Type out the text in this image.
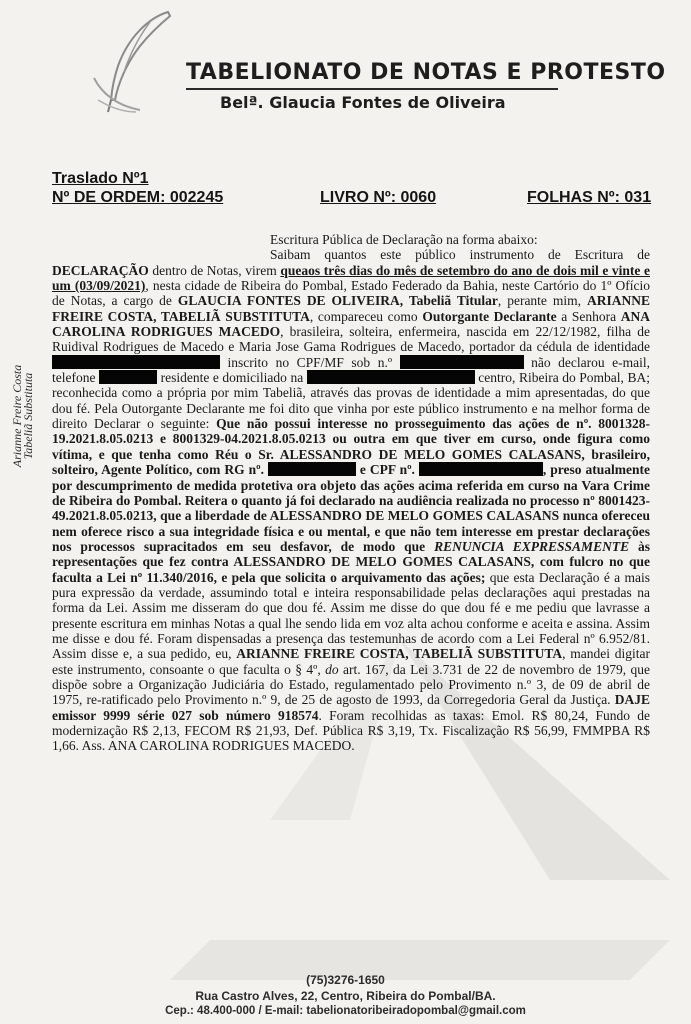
TABELIONATO DE NOTAS E PROTESTO
Belª. Glaucia Fontes de Oliveira
Traslado Nº1
Nº DE ORDEM: 002245	LIVRO Nº: 0060	FOLHAS Nº: 031
Arianne Freire Costa
Tabeliã Substituta

Escritura Pública de Declaração na forma abaixo:

Saibam quantos este público instrumento de Escritura de DECLARAÇÃO dentro de Notas, virem queaos três dias do mês de setembro do ano de dois mil e vinte e um (03/09/2021), nesta cidade de Ribeira do Pombal, Estado Federado da Bahia, neste Cartório do 1º Ofício de Notas, a cargo de GLAUCIA FONTES DE OLIVEIRA, Tabeliã Titular, perante mim, ARIANNE FREIRE COSTA, TABELIÃ SUBSTITUTA, compareceu como Outorgante Declarante a Senhora ANA CAROLINA RODRIGUES MACEDO, brasileira, solteira, enfermeira, nascida em 22/12/1982, filha de Ruidival Rodrigues de Macedo e Maria Jose Gama Rodrigues de Macedo, portador da cédula de identidade  inscrito no CPF/MF sob n.º	não declarou e-mail, telefone	residente e domiciliado na	centro, Ribeira do Pombal, BA; reconhecida como a própria por mim Tabeliã, através das provas de identidade a mim apresentadas, do que dou fé. Pela Outorgante Declarante me foi dito que vinha por este público instrumento e na melhor forma de direito Declarar o seguinte: Que não possui interesse no prosseguimento das ações de nº. 8001328-19.2021.8.05.0213 e 8001329-04.2021.8.05.0213 ou outra em que tiver em curso, onde figura como vítima, e que tenha como Réu o Sr. ALESSANDRO DE MELO GOMES CALASANS, brasileiro, solteiro, Agente Político, com RG nº.	e CPF nº.	, preso atualmente por descumprimento de medida protetiva ora objeto das ações acima referida em curso na Vara Crime de Ribeira do Pombal. Reitera o quanto já foi declarado na audiência realizada no processo nº 8001423-49.2021.8.05.0213, que a liberdade de ALESSANDRO DE MELO GOMES CALASANS nunca ofereceu nem oferece risco a sua integridade física e ou mental, e que não tem interesse em prestar declarações nos processos supracitados em seu desfavor, de modo que RENUNCIA EXPRESSAMENTE às representações que fez contra ALESSANDRO DE MELO GOMES CALASANS, com fulcro no que faculta a Lei nº 11.340/2016, e pela que solicita o arquivamento das ações; que esta Declaração é a mais pura expressão da verdade, assumindo total e inteira responsabilidade pelas declarações aqui prestadas na forma da Lei. Assim me disseram do que dou fé. Assim me disse do que dou fé e me pediu que lavrasse a presente escritura em minhas Notas a qual lhe sendo lida em voz alta achou conforme e aceita e assina. Assim me disse e dou fé. Foram dispensadas a presença das testemunhas de acordo com a Lei Federal nº 6.952/81. Assim disse e, a sua pedido, eu, ARIANNE FREIRE COSTA, TABELIÃ SUBSTITUTA, mandei digitar este instrumento, consoante o que faculta o § 4º, do art. 167, da Lei 3.731 de 22 de novembro de 1979, que dispõe sobre a Organização Judiciária do Estado, regulamentado pelo Provimento n.º 3, de 09 de abril de 1975, re-ratificado pelo Provimento n.º 9, de 25 de agosto de 1993, da Corregedoria Geral da Justiça. DAJE emissor 9999 série 027 sob número 918574. Foram recolhidas as taxas: Emol. R$ 80,24, Fundo de modernização R$ 2,13, FECOM R$ 21,93, Def. Pública R$ 3,19, Tx. Fiscalização R$ 56,99, FMMPBA R$ 1,66. Ass. ANA CAROLINA RODRIGUES MACEDO.

(75)3276-1650
Rua Castro Alves, 22, Centro, Ribeira do Pombal/BA.
Cep.: 48.400-000 / E-mail: tabelionatoribeiradopombal@gmail.com
